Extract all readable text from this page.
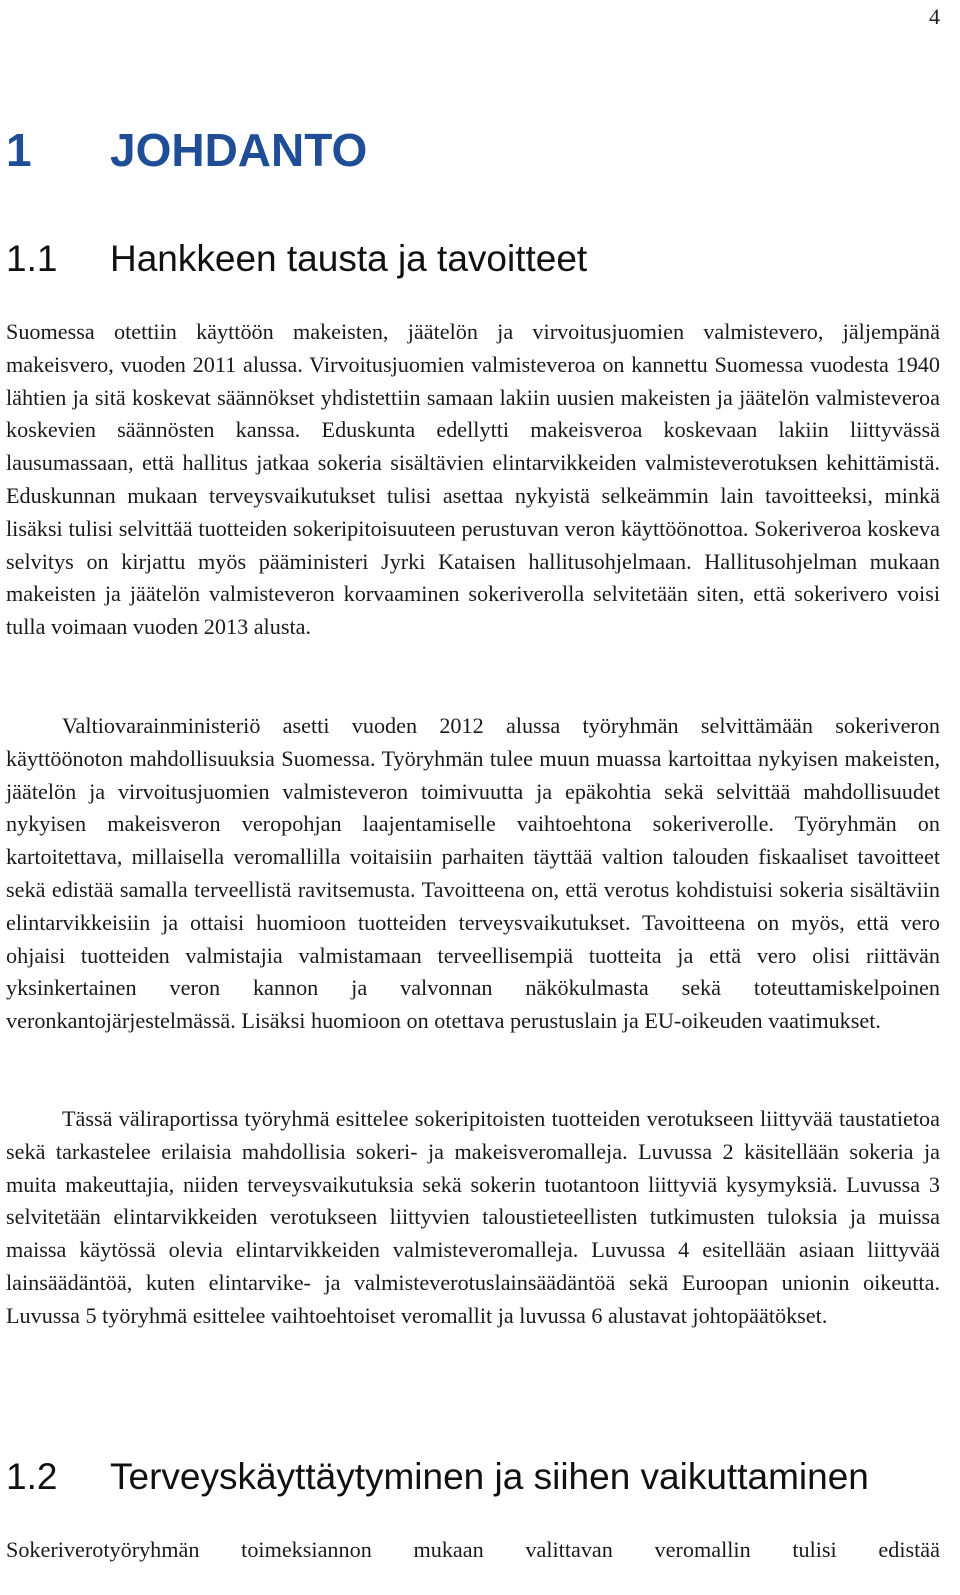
4
1 JOHDANTO
1.1 Hankkeen tausta ja tavoitteet

Suomessa otettiin käyttöön makeisten, jäätelön ja virvoitusjuomien valmistevero, jäljempänä makeisvero, vuoden 2011 alussa. Virvoitusjuomien valmisteveroa on kannettu Suomessa vuodesta 1940 lähtien ja sitä koskevat säännökset yhdistettiin samaan lakiin uusien makeisten ja jäätelön valmisteveroa koskevien säännösten kanssa. Eduskunta edellytti makeisveroa koskevaan lakiin liittyvässä lausumassaan, että hallitus jatkaa sokeria sisältävien elintarvikkeiden valmisteverotuksen kehittämistä. Eduskunnan mukaan terveysvaikutukset tulisi asettaa nykyistä selkeämmin lain tavoitteeksi, minkä lisäksi tulisi selvittää tuotteiden sokeripitoisuuteen perustuvan veron käyttöönottoa. Sokeriveroa koskeva selvitys on kirjattu myös pääministeri Jyrki Kataisen hallitusohjelmaan. Hallitusohjelman mukaan makeisten ja jäätelön valmisteveron korvaaminen sokeriverolla selvitetään siten, että sokerivero voisi tulla voimaan vuoden 2013 alusta.

Valtiovarainministeriö asetti vuoden 2012 alussa työryhmän selvittämään sokeriveron käyttöönoton mahdollisuuksia Suomessa. Työryhmän tulee muun muassa kartoittaa nykyisen makeisten, jäätelön ja virvoitusjuomien valmisteveron toimivuutta ja epäkohtia sekä selvittää mahdollisuudet nykyisen makeisveron veropohjan laajentamiselle vaihtoehtona sokeriverolle. Työryhmän on kartoitettava, millaisella veromallilla voitaisiin parhaiten täyttää valtion talouden fiskaaliset tavoitteet sekä edistää samalla terveellistä ravitsemusta. Tavoitteena on, että verotus kohdistuisi sokeria sisältäviin elintarvikkeisiin ja ottaisi huomioon tuotteiden terveysvaikutukset. Tavoitteena on myös, että vero ohjaisi tuotteiden valmistajia valmistamaan terveellisempiä tuotteita ja että vero olisi riittävän yksinkertainen veron kannon ja valvonnan näkökulmasta sekä toteuttamiskelpoinen veronkantojärjestelmässä. Lisäksi huomioon on otettava perustuslain ja EU-oikeuden vaatimukset.

Tässä väliraportissa työryhmä esittelee sokeripitoisten tuotteiden verotukseen liittyvää taustatietoa sekä tarkastelee erilaisia mahdollisia sokeri- ja makeisveromalleja. Luvussa 2 käsitellään sokeria ja muita makeuttajia, niiden terveysvaikutuksia sekä sokerin tuotantoon liittyviä kysymyksiä. Luvussa 3 selvitetään elintarvikkeiden verotukseen liittyvien taloustieteellisten tutkimusten tuloksia ja muissa maissa käytössä olevia elintarvikkeiden valmisteveromalleja. Luvussa 4 esitellään asiaan liittyvää lainsäädäntöä, kuten elintarvike- ja valmisteverotuslainsäädäntöä sekä Euroopan unionin oikeutta. Luvussa 5 työryhmä esittelee vaihtoehtoiset veromallit ja luvussa 6 alustavat johtopäätökset.

1.2 Terveyskäyttäytyminen ja siihen vaikuttaminen

Sokeriverotyöryhmän toimeksiannon mukaan valittavan veromallin tulisi edistää
